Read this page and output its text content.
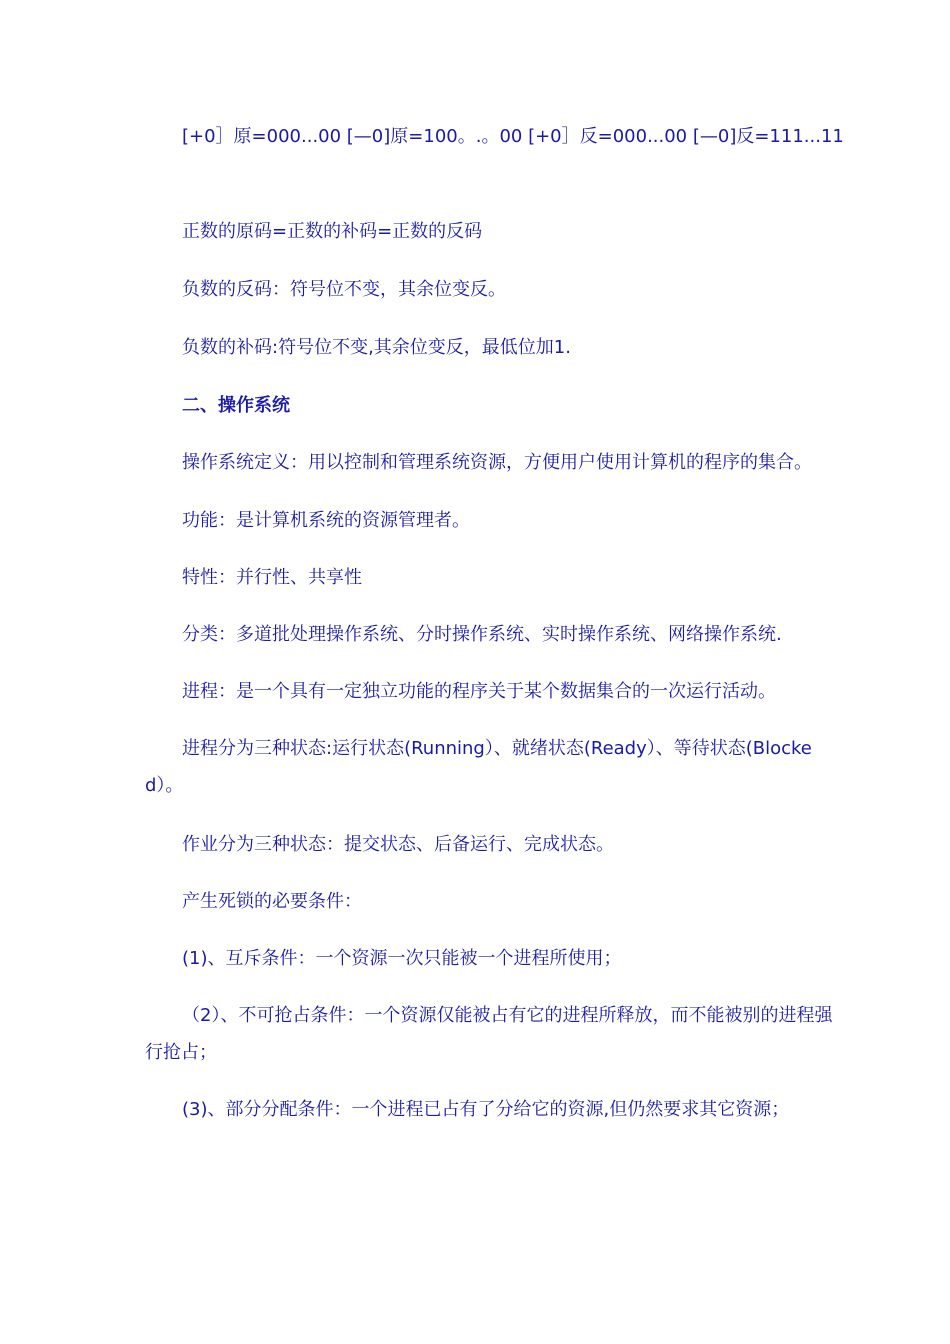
[+0］原=000...00 [—0]原=100。.。00 [+0］反=000...00 [—0]反=111...11

正数的原码=正数的补码=正数的反码

负数的反码：符号位不变，其余位变反。

负数的补码:符号位不变,其余位变反，最低位加1.

二、操作系统

操作系统定义：用以控制和管理系统资源，方便用户使用计算机的程序的集合。

功能：是计算机系统的资源管理者。

特性：并行性、共享性

分类：多道批处理操作系统、分时操作系统、实时操作系统、网络操作系统.

进程：是一个具有一定独立功能的程序关于某个数据集合的一次运行活动。

进程分为三种状态:运行状态(Running）、就绪状态(Ready）、等待状态(Blocked）。

作业分为三种状态：提交状态、后备运行、完成状态。

产生死锁的必要条件：

(1)、互斥条件：一个资源一次只能被一个进程所使用；

（2）、不可抢占条件：一个资源仅能被占有它的进程所释放，而不能被别的进程强行抢占；

(3)、部分分配条件：一个进程已占有了分给它的资源,但仍然要求其它资源；
